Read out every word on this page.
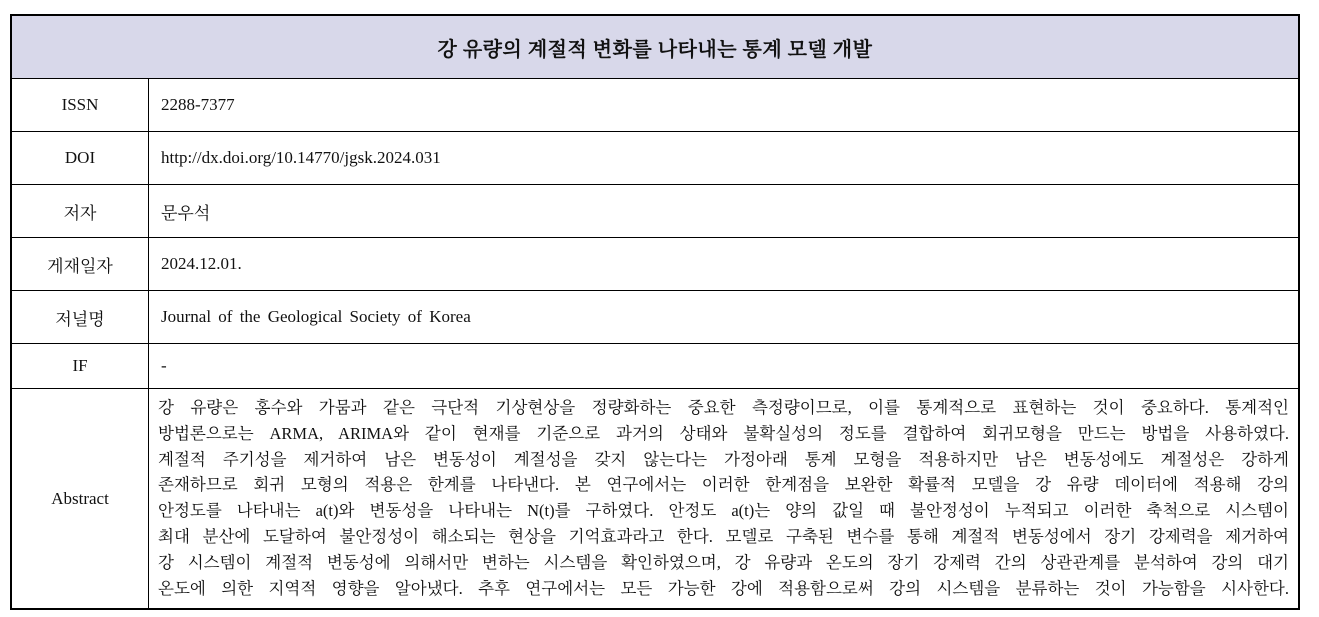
강 유량의 계절적 변화를 나타내는 통계 모델 개발
ISSN	2288-7377
DOI	http://dx.doi.org/10.14770/jgsk.2024.031
저자	문우석
게재일자	2024.12.01.
저널명	Journal of the Geological Society of Korea
IF	-
Abstract
강 유량은 홍수와 가뭄과 같은 극단적 기상현상을 정량화하는 중요한 측정량이므로, 이를 통계적으로 표현하는 것이 중요하다. 통계적인
방법론으로는 ARMA, ARIMA와 같이 현재를 기준으로 과거의 상태와 불확실성의 정도를 결합하여 회귀모형을 만드는 방법을 사용하였다.
계절적 주기성을 제거하여 남은 변동성이 계절성을 갖지 않는다는 가정아래 통계 모형을 적용하지만 남은 변동성에도 계절성은 강하게
존재하므로 회귀 모형의 적용은 한계를 나타낸다. 본 연구에서는 이러한 한계점을 보완한 확률적 모델을 강 유량 데이터에 적용해 강의
안정도를 나타내는 a(t)와 변동성을 나타내는 N(t)를 구하였다. 안정도 a(t)는 양의 값일 때 불안정성이 누적되고 이러한 축척으로 시스템이
최대 분산에 도달하여 불안정성이 해소되는 현상을 기억효과라고 한다. 모델로 구축된 변수를 통해 계절적 변동성에서 장기 강제력을 제거하여
강 시스템이 계절적 변동성에 의해서만 변하는 시스템을 확인하였으며, 강 유량과 온도의 장기 강제력 간의 상관관계를 분석하여 강의 대기
온도에 의한 지역적 영향을 알아냈다. 추후 연구에서는 모든 가능한 강에 적용함으로써 강의 시스템을 분류하는 것이 가능함을 시사한다.
